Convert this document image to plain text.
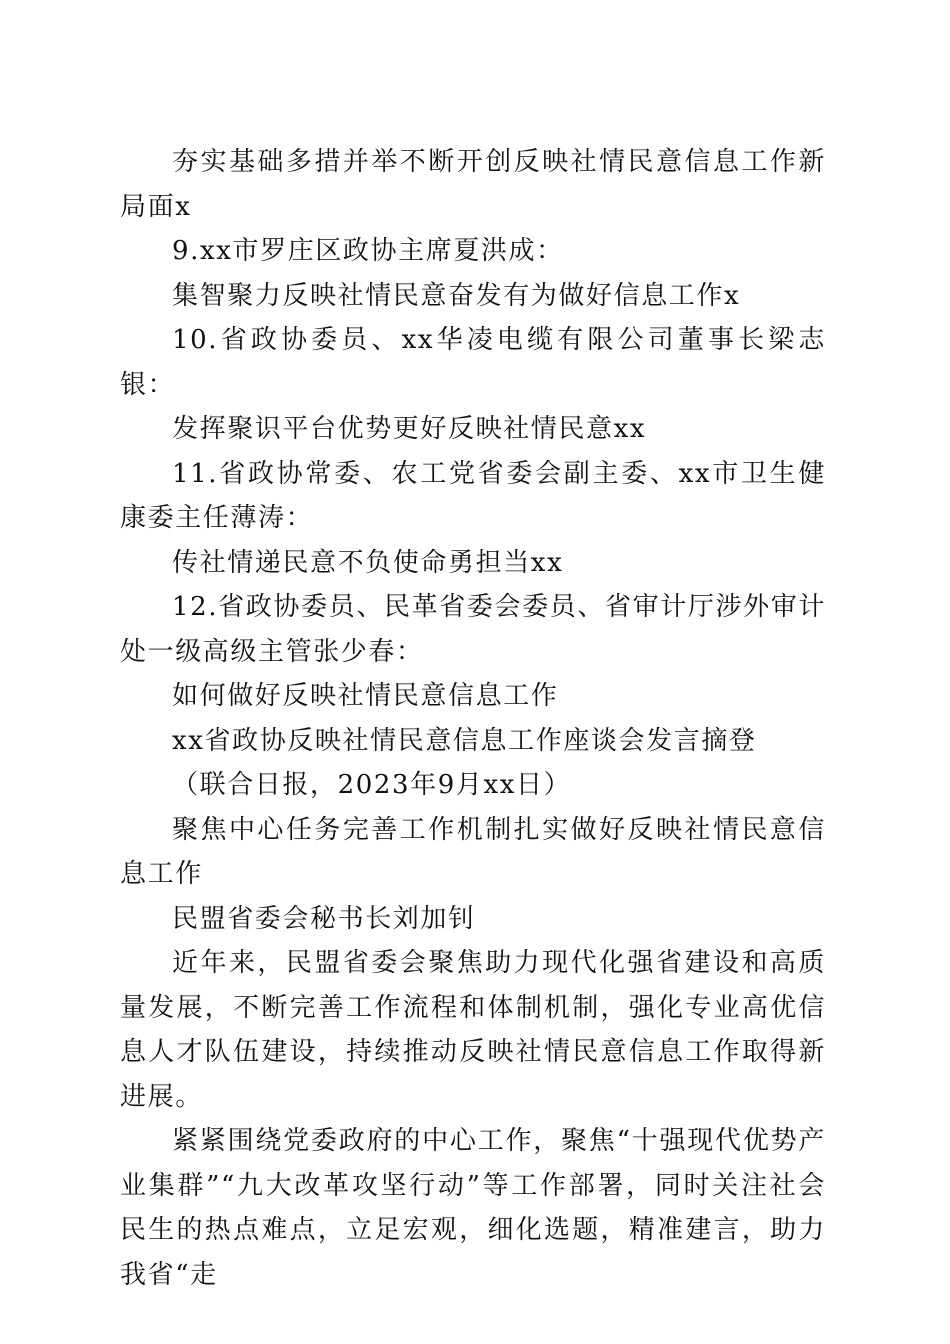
夯实基础多措并举不断开创反映社情民意信息工作新局面x

9.xx市罗庄区政协主席夏洪成：

集智聚力反映社情民意奋发有为做好信息工作x

10.省政协委员、xx华凌电缆有限公司董事长梁志银：

发挥聚识平台优势更好反映社情民意xx

11.省政协常委、农工党省委会副主委、xx市卫生健康委主任薄涛：

传社情递民意不负使命勇担当xx

12.省政协委员、民革省委会委员、省审计厅涉外审计处一级高级主管张少春：

如何做好反映社情民意信息工作

xx省政协反映社情民意信息工作座谈会发言摘登

（联合日报，2023年9月xx日）

聚焦中心任务完善工作机制扎实做好反映社情民意信息工作

民盟省委会秘书长刘加钊

近年来，民盟省委会聚焦助力现代化强省建设和高质量发展，不断完善工作流程和体制机制，强化专业高优信息人才队伍建设，持续推动反映社情民意信息工作取得新进展。

紧紧围绕党委政府的中心工作，聚焦“十强现代优势产业集群”“九大改革攻坚行动”等工作部署，同时关注社会民生的热点难点，立足宏观，细化选题，精准建言，助力我省“走
